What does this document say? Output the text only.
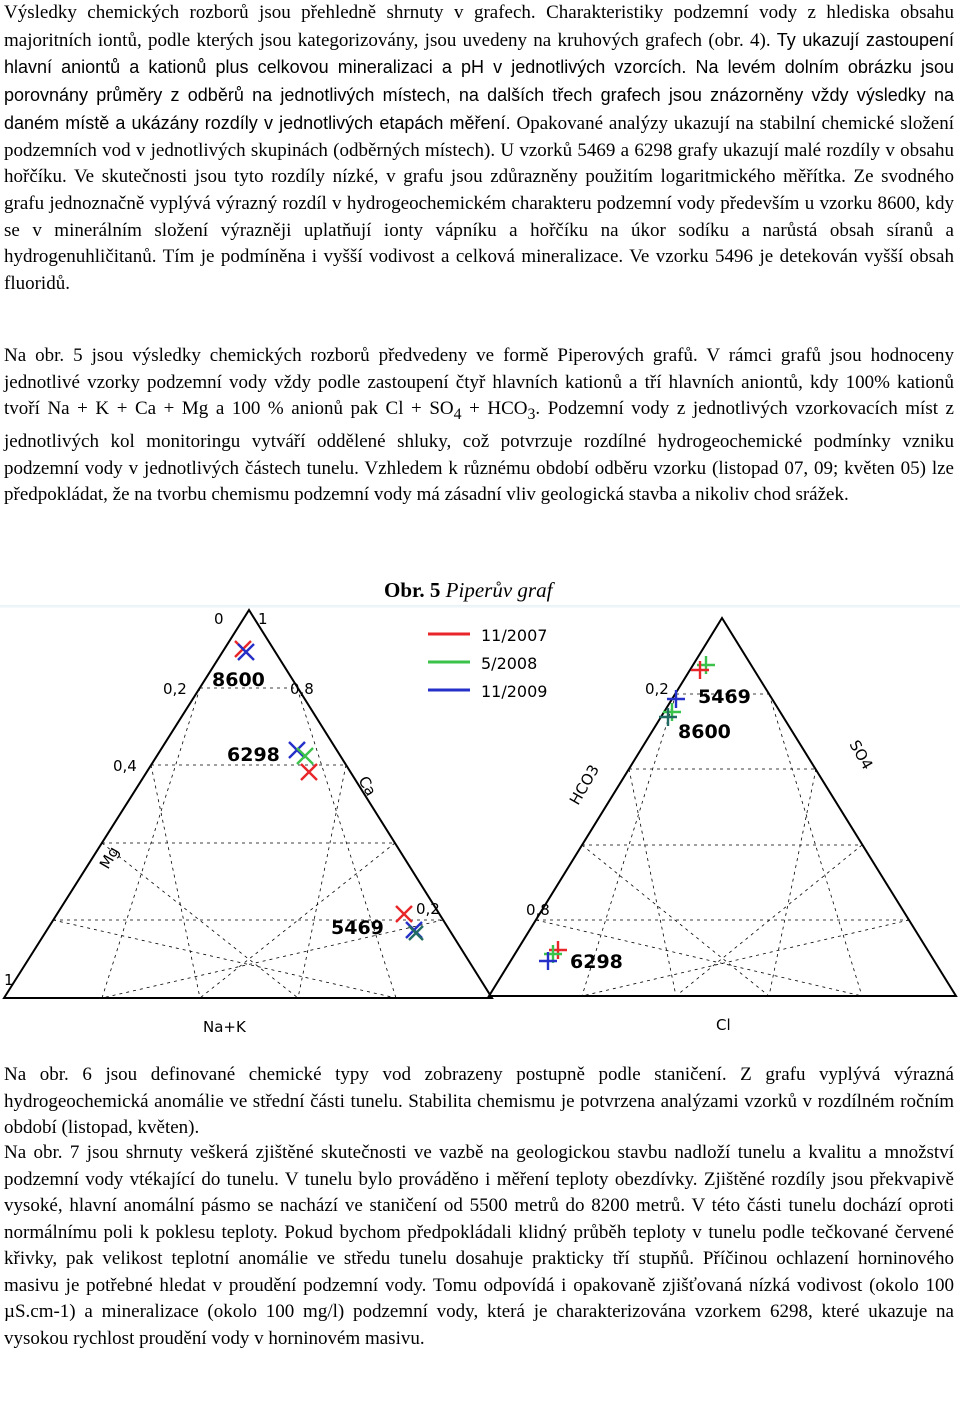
Výsledky chemických rozborů jsou přehledně shrnuty v grafech. Charakteristiky podzemní vody z hlediska obsahu majoritních iontů, podle kterých jsou kategorizovány, jsou uvedeny na kruhových grafech (obr. 4). Ty ukazují zastoupení hlavní aniontů a kationů plus celkovou mineralizaci a pH v jednotlivých vzorcích. Na levém dolním obrázku jsou porovnány průměry z odběrů na jednotlivých místech, na dalších třech grafech jsou znázorněny vždy výsledky na daném místě a ukázány rozdíly v jednotlivých etapách měření. Opakované analýzy ukazují na stabilní chemické složení podzemních vod v jednotlivých skupinách (odběrných místech). U vzorků 5469 a 6298 grafy ukazují malé rozdíly v obsahu hořčíku. Ve skutečnosti jsou tyto rozdíly nízké, v grafu jsou zdůrazněny použitím logaritmického měřítka. Ze svodného grafu jednoznačně vyplývá výrazný rozdíl v hydrogeochemickém charakteru podzemní vody především u vzorku 8600, kdy se v minerálním složení výrazněji uplatňují ionty vápníku a hořčíku na úkor sodíku a narůstá obsah síranů a hydrogenuhličitanů. Tím je podmíněna i vyšší vodivost a celková mineralizace. Ve vzorku 5496 je detekován vyšší obsah fluoridů.
Na obr. 5 jsou výsledky chemických rozborů předvedeny ve formě Piperových grafů. V rámci grafů jsou hodnoceny jednotlivé vzorky podzemní vody vždy podle zastoupení čtyř hlavních kationů a tří hlavních aniontů, kdy 100% kationů tvoří Na + K + Ca + Mg a 100 % anionů pak $Cl + SO_4 + HCO_3$. Podzemní vody z jednotlivých vzorkovacích míst z jednotlivých kol monitoringu vytváří oddělené shluky, což potvrzuje rozdílné hydrogeochemické podmínky vzniku podzemní vody v jednotlivých částech tunelu. Vzhledem k různému období odběru vzorku (listopad 07, 09; květen 05) lze předpokládat, že na tvorbu chemismu podzemní vody má zásadní vliv geologická stavba a nikoliv chod srážek.
Obr. 5 Piperův graf
0 1
0,2	0,8
0,4
0,2
1
Na+K
Mg
Ca
8600
6298
5469
11/2007
5/2008
11/2009	0,2
0,8
Cl
HCO3
SO4
5469
8600
6298
Na obr. 6 jsou definované chemické typy vod zobrazeny postupně podle staničení. Z grafu vyplývá výrazná hydrogeochemická anomálie ve střední části tunelu. Stabilita chemismu je potvrzena analýzami vzorků v rozdílném ročním období (listopad, květen).
Na obr. 7 jsou shrnuty veškerá zjištěné skutečnosti ve vazbě na geologickou stavbu nadloží tunelu a kvalitu a množství podzemní vody vtékající do tunelu. V tunelu bylo prováděno i měření teploty obezdívky. Zjištěné rozdíly jsou překvapivě vysoké, hlavní anomální pásmo se nachází ve staničení od 5500 metrů do 8200 metrů. V této části tunelu dochází oproti normálnímu poli k poklesu teploty. Pokud bychom předpokládali klidný průběh teploty v tunelu podle tečkované červené křivky, pak velikost teplotní anomálie ve středu tunelu dosahuje prakticky tří stupňů. Příčinou ochlazení horninového masivu je potřebné hledat v proudění podzemní vody. Tomu odpovídá i opakovaně zjišťovaná nízká vodivost (okolo 100 µS.cm-1) a mineralizace (okolo 100 mg/l) podzemní vody, která je charakterizována vzorkem 6298, které ukazuje na vysokou rychlost proudění vody v horninovém masivu.
